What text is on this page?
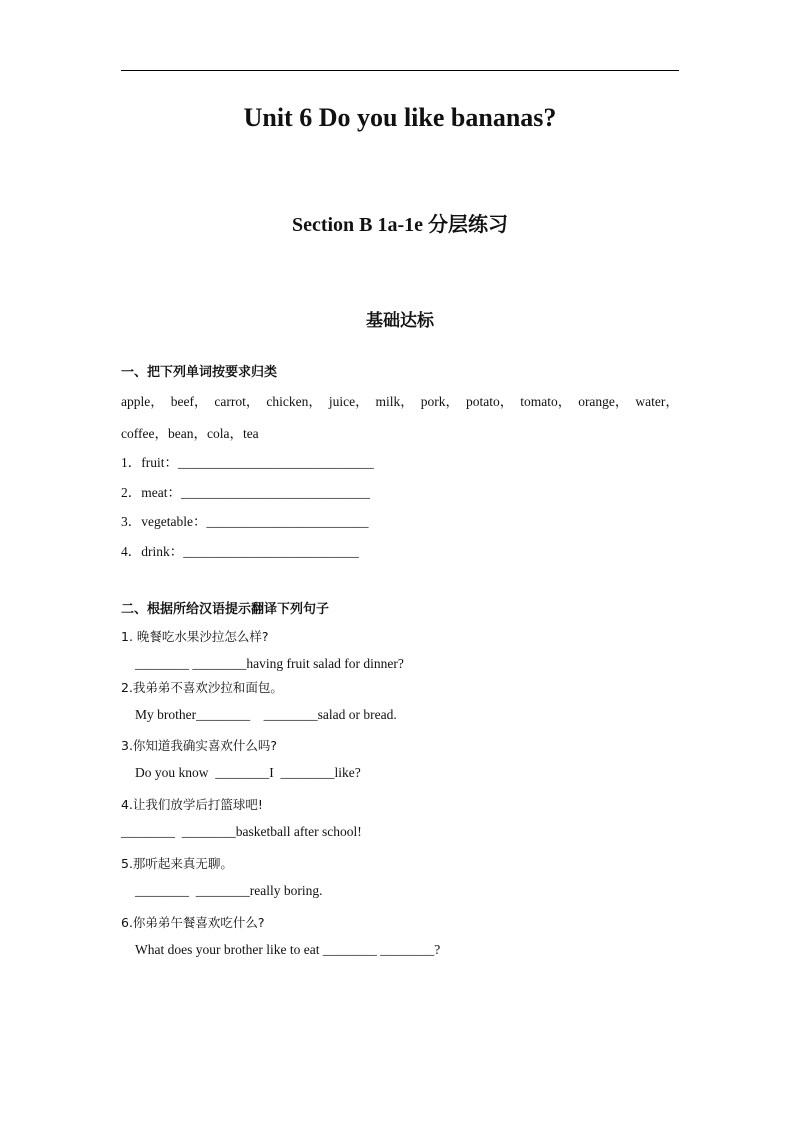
Unit 6 Do you like bananas?
Section B 1a-1e 分层练习
基础达标
一、把下列单词按要求归类
apple， beef， carrot， chicken， juice， milk， pork， potato， tomato， orange， water，
coffee，bean，cola，tea
1．fruit：_____________________________
2．meat：____________________________
3．vegetable：________________________
4．drink：__________________________
二、根据所给汉语提示翻译下列句子
1. 晚餐吃水果沙拉怎么样?
________ ________having fruit salad for dinner?
2.我弟弟不喜欢沙拉和面包。
My brother________    ________salad or bread.
3.你知道我确实喜欢什么吗?
Do you know  ________I  ________like?
4.让我们放学后打篮球吧!
________  ________basketball after school!
5.那听起来真无聊。
________  ________really boring.
6.你弟弟午餐喜欢吃什么?
What does your brother like to eat ________ ________?
